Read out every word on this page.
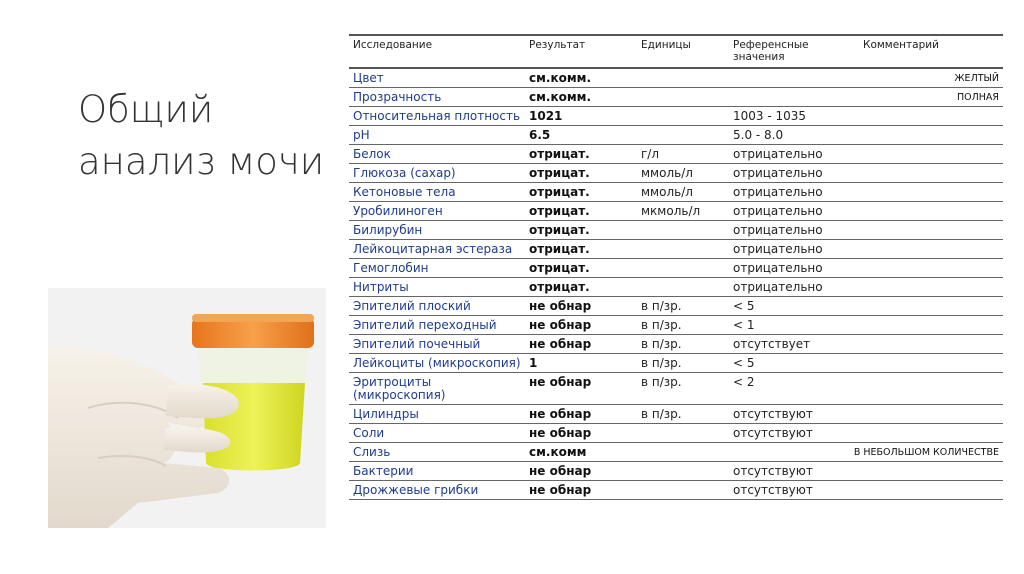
Общий
анализ мочи
Исследование	Результат	Единицы	Референсные значения	Комментарий
Цвет	см.комм.			ЖЕЛТЫЙ
Прозрачность	см.комм.			ПОЛНАЯ
Относительная плотность	1021		1003 - 1035	
pH	6.5		5.0 - 8.0	
Белок	отрицат.	г/л	отрицательно	
Глюкоза (сахар)	отрицат.	ммоль/л	отрицательно	
Кетоновые тела	отрицат.	ммоль/л	отрицательно	
Уробилиноген	отрицат.	мкмоль/л	отрицательно	
Билирубин	отрицат.		отрицательно	
Лейкоцитарная эстераза	отрицат.		отрицательно	
Гемоглобин	отрицат.		отрицательно	
Нитриты	отрицат.		отрицательно	
Эпителий плоский	не обнар	в п/зр.	< 5	
Эпителий переходный	не обнар	в п/зр.	< 1	
Эпителий почечный	не обнар	в п/зр.	отсутствует	
Лейкоциты (микроскопия)	1	в п/зр.	< 5	
Эритроциты (микроскопия)	не обнар	в п/зр.	< 2	
Цилиндры	не обнар	в п/зр.	отсутствуют	
Соли	не обнар		отсутствуют	
Слизь	см.комм			В НЕБОЛЬШОМ КОЛИЧЕСТВЕ
Бактерии	не обнар		отсутствуют	
Дрожжевые грибки	не обнар		отсутствуют	
